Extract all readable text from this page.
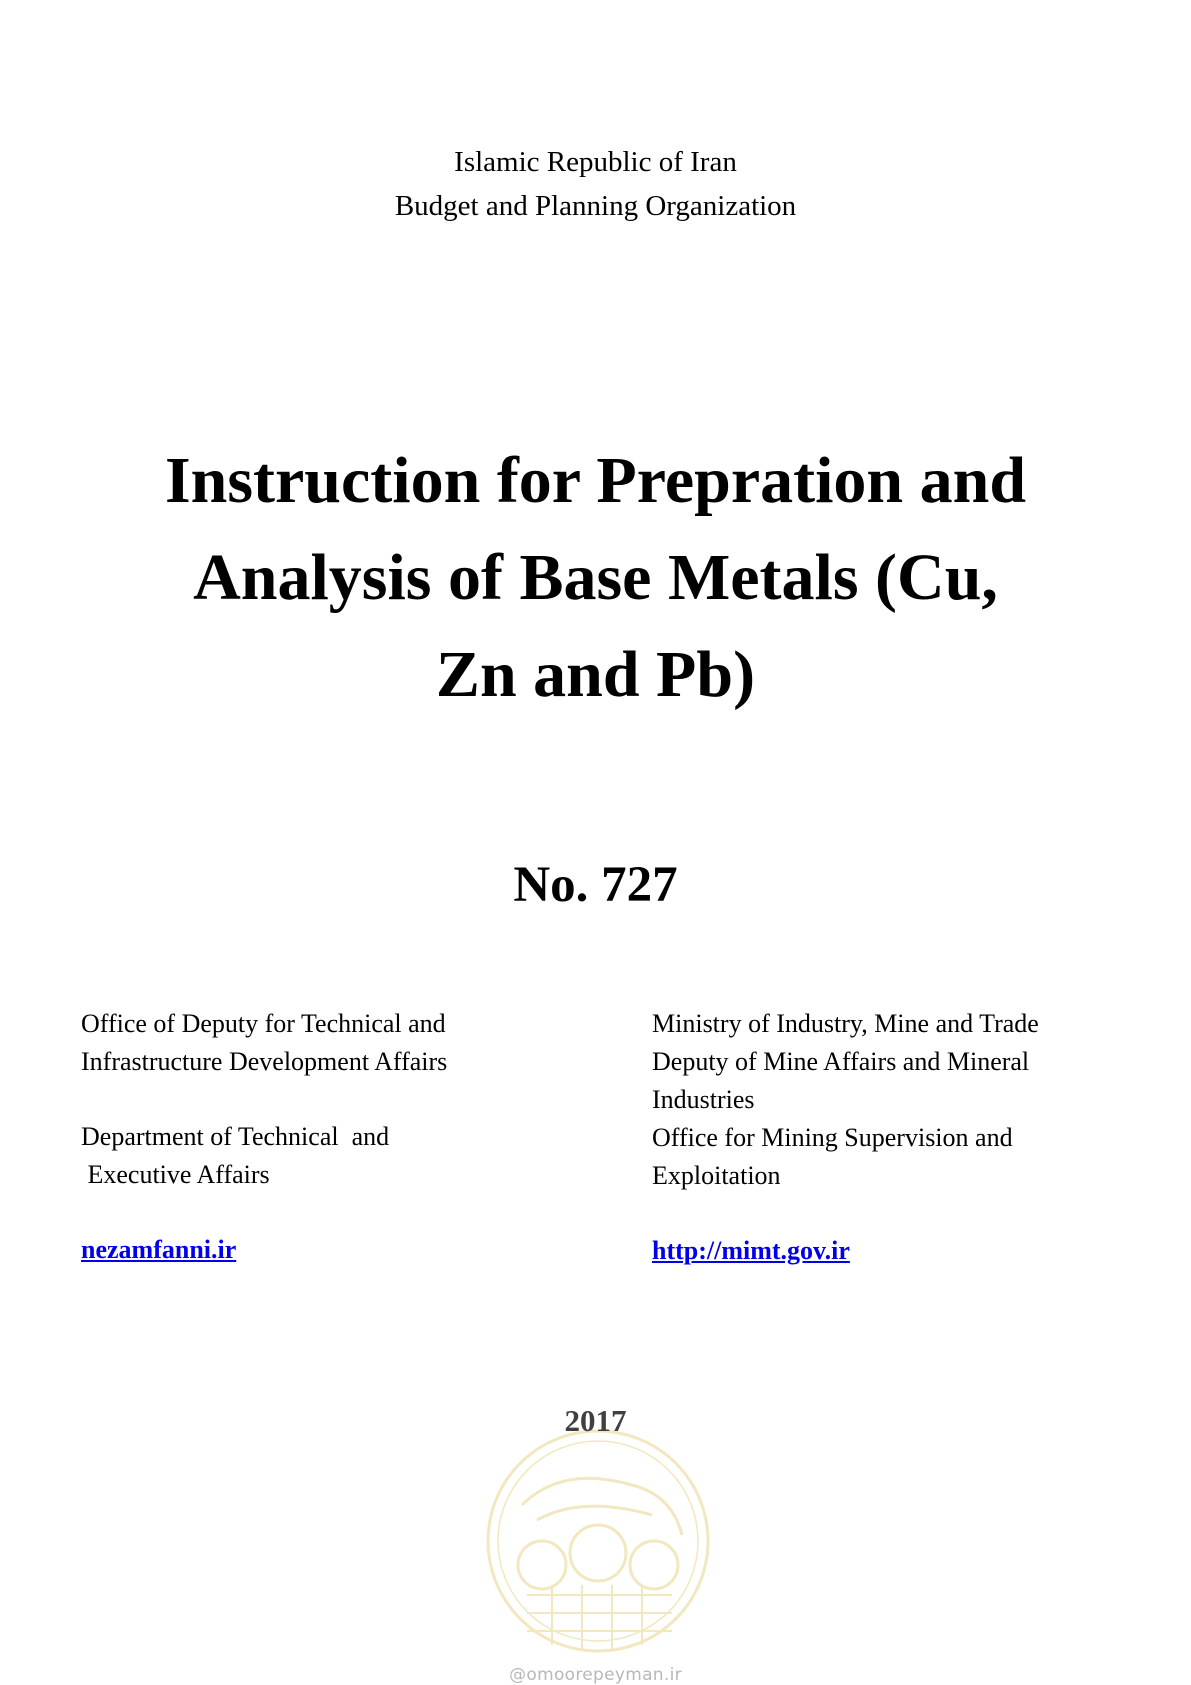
Islamic Republic of Iran
Budget and Planning Organization
Instruction for Prepration and
Analysis of Base Metals (Cu,
Zn and Pb)
No. 727

Office of Deputy for Technical and

Infrastructure Development Affairs

Department of Technical  and

Executive Affairs

nezamfanni.ir

Ministry of Industry, Mine and Trade

Deputy of Mine Affairs and Mineral

Industries

Office for Mining Supervision and

Exploitation

http://mimt.gov.ir

2017
@omoorepeyman.ir
